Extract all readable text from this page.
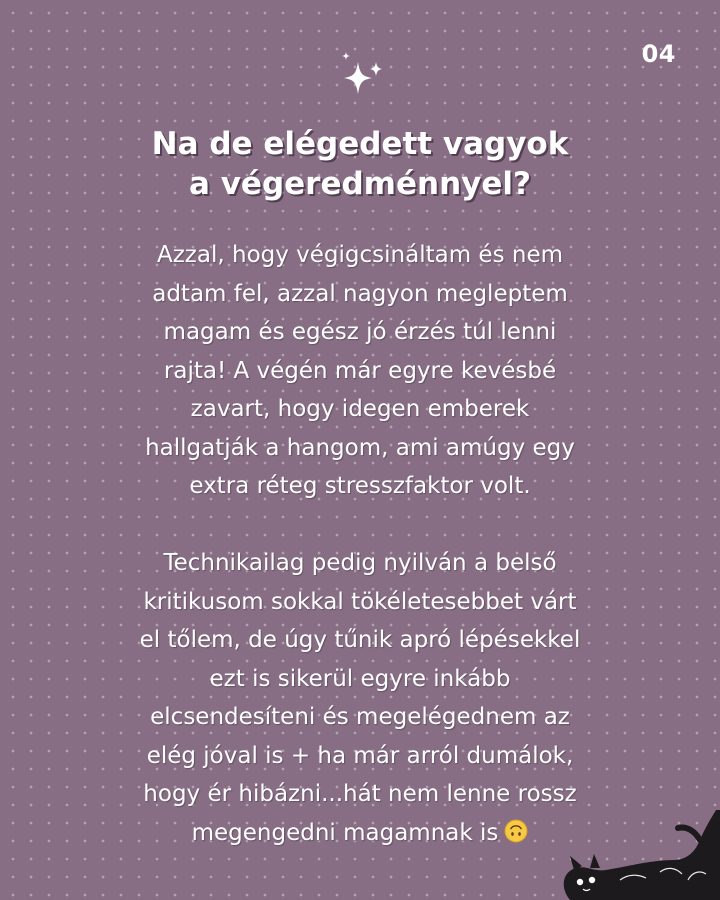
04
Na de elégedett vagyok
a végeredménnyel?
Azzal, hogy végigcsináltam és nem
adtam fel, azzal nagyon megleptem
magam és egész jó érzés túl lenni
rajta! A végén már egyre kevésbé
zavart, hogy idegen emberek
hallgatják a hangom, ami amúgy egy
extra réteg stresszfaktor volt.
Technikailag pedig nyilván a belső
kritikusom sokkal tökéletesebbet várt
el tőlem, de úgy tűnik apró lépésekkel
ezt is sikerül egyre inkább
elcsendesíteni és megelégednem az
elég jóval is + ha már arról dumálok,
hogy ér hibázni...hát nem lenne rossz
megengedni magamnak is
